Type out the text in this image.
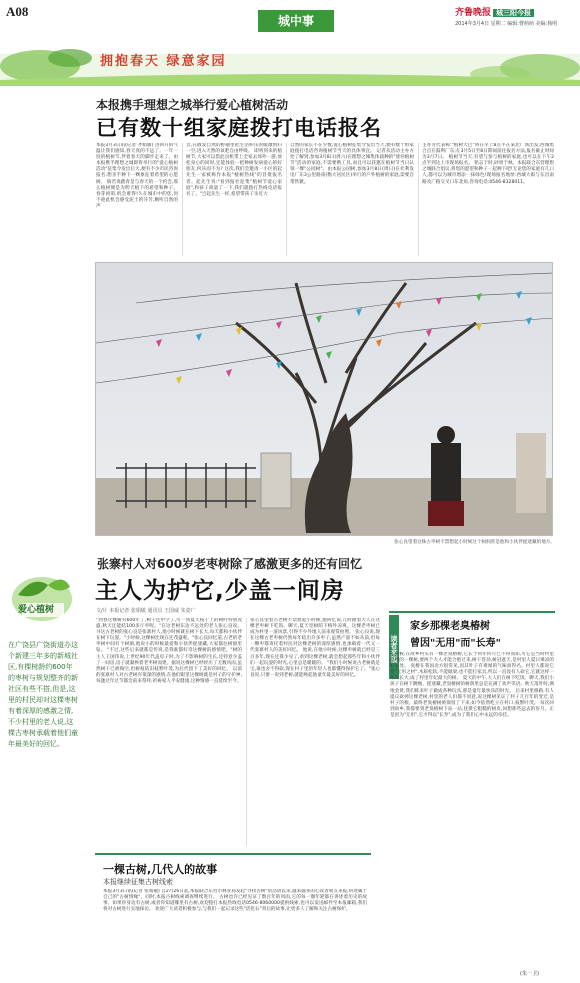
A08
城中事
齐鲁晚报 城三阳今报
2014年3月4日 星期二 编辑:曹萌萌 美编:杨明
拥抱春天 绿意家园
本报携手理想之城举行爱心植树活动
已有数十组家庭拨打电话报名
本报3月3日讯(记者 齐娟敏) 进回升的气温让我们感知,春天真的不远了。一年一度的植树节,伴着春天的脚步走来了。由本报携手理想之城即将举行的"爱心植树活动"征集令发出后天,便有不少市民咨询报名,想亲手种下一颗象征着希望的心愿树。 倘若说踏青是与春天的一个约会,那么植树便是为明天植下的希望和种子。春芽初萌,机会难得!久在城市中的您,何不趁此机会感受泥土的芬芳,顺听自然的声
音,在散发自然的野趣里把生活积压的暖激情归一空,进入天然的氧吧自由呼吸。 即将到来的植树节,大家可以借此良机带上全家去郊外一游,放松身心的同时,还能体验一把种树发病爱心的好朋友,何乐而不为? 这次,我们会邀请一小区的起先生一家被称作本报"植树热线"的首批报名者。起先生说:"看到报社征集"植树节爱心家庭",和孩子商量了一下,我们就拨打热线电话报名了。"岂起先生一样,希望带孩子亲近大
自然的家长不在少数,爱心植树征集令发出当天,便有数十组家庭拨打电话咨询植树节当天的具体事宜。 记者从活动主办方处了解到,参加3月8日(周六)在理想之城集体栽种的"迷你植树节"活动的家庭,不需要携工具,而且可以获邀在植树节当日认领一棵"公园树"。由本报公园树,参加3月8日(周日)在社利发电厂东3公里路南(衡大居民区)举行的户外植树的家庭,需要自带铁锨。
主办方代表称:"植树大巴"将在早上8点半在某北广场出发,西城集合点在鼓利厂东;在3月5日至8日期间前往报名方法,报名截止时间为3月7日。 植树节当天,有望与参与植树的家庭,也可以在下午2点半到达上市现场报名。 铭志于时,砂周于林。本报联合东营理想之城联合倡议,将您的愿望和种子一起种下吧!无论您的家庭有几口人,都可以为城市增添一抹绿色!现场报名地址:西城大街与东昌南路及广路交叉口东北角,咨询电话:0546-8328011。
张心良望着这株古枣树不禁想起小时候这个树洞曾是他和小伙伴捉迷藏的地方。
爱心植树
在广饶县广饶街道办这个新建三年多的新城社区,有棵树龄约600年的枣树与规划整齐的新社区有些不搭,但是,这里的村民却对这棵枣树有着深厚的感激之情,不少村里的老人说,这棵古枣树承载着他们童年最美好的回忆。
张寨村人对600岁老枣树除了感激更多的还有回忆
主人为护它,少盖一间房
文/片 本报记者 张娟敏 通讯员 王国威 朱姿广
"到春这棵树有600年了,树干还中空了,可一到夏天枝干上的树叶特别茂盛,秋天还能结100多斤枣呢。"在这老树东边不远处的老人张心良说。 寻这古老树的张心良是张寨村人,他小时候就在树下长大,每天都和小伙伴在树下玩耍。"小时候,这棵树比现在还茂盛呢。"张心良回忆道,古老的老枣树中间有个树洞,他说小的时候最爱和小伙伴捉迷藏,大家都往树洞里钻。 "不过,这些后来就都是传说,是我谁都好奇这棵树的感情吧。"树的主人王国伟说,上世纪90年代盖房子时,为了不影响树的生长,还特意少盖了一间房,房子就紧挨着老枣树而建。据说这棵树已经经历了无数风雨,虽然树干已被掏空,但树枝依旧枝繁叶茂,为后代留下了美好的回忆。 以前的张寨村人对古老树有很深的感情,在他们眼里这棵树就是村子的守护神,每逢过年过节都会前来祭拜,祈祷家人平安健康,这种情感一直延续至今。
张心良望着古老树不禁想起小时候,他回忆说,儿时跟着大人在这棵老枣树下吃饭、聊天,夏天里树荫下格外凉爽。这棵老枣树已成为村里一道风景,引得不少外地人前来观赏拍照。 张心良说,现在这棵古老枣树仍然每年结出许多枣子,虽然产量不如从前,但每一颗枣都寄托着村民对这棵老树的深厚感情,也承载着一代又一代张寨村人的美好回忆。 他说,在他小时候,这棵枣树就已经是三百多年,现在还算少见了,看到这棵老树,就会想起那些年和小伙伴们一起玩耍的时光,心里总是暖暖的。 "我们小时候说古老树就是宝,谁也舍不得砍,现在村子里的年轻人也都懂得保护它了。"张心良说,只要一说到老树,就能唤起他童年最美好的回忆。
读者来稿
家乡那棵老臭椿树
曾因"无用"而"长寿"
小时候,在故乡村头有一棵老臭椿树,它长于何年何月已不得而知,可它是当时村里最粗的一棵树,要两个大人才能合抱过来,树干苍劲,树冠遮天,是村里人夏日乘凉的好去处。 臭椿在我国北方很常见,因其叶子有难闻的气味而得名。村里人都说它是"无用之材",木质松软,不能做梁,也不能打家具,所以一直没有人砍它,它就这样一年年长大,成了村里年纪最大的树。 夏天的中午,大人们在树下吃饭、聊天,我们小孩子在树下跳绳、捉迷藏,老臭椿树的树荫里总是充满了欢声笑语。秋天落叶时,满地金黄,我们拣来叶子做成各种玩具,那是童年最快乐的时光。 后来村里修路,有人提议砍掉这棵老树,村里的老人们都不同意,说这棵树见证了村子几百年的变迁,是村子的根。最终老臭椿树被保留了下来,如今依然屹立在村口,枝繁叶茂。 每次回到故乡,我都要到老臭椿树下站一站,抚摸它粗糙的树皮,回想那些远去的岁月。正是因为"无用",它才得以"长寿",成为了我们心中永远的牵挂。
(朱一卫)
一棵古树,几代人的故事
本报继续征集古树线索
本报3月3日讯(记者 张娟敏) 自2月26日起,本报联合东营市林业局发起"寻找古树"的活动以来,越来越多的心读者朋友来报,讲述属于自己的"古树情缘"。同时,本报古树线索调查继续进行。 古树也许已经见证了数百年的风雨,它的每一圈年轮都在讲述着历史的故事。如果你身边有古树,或者你知道哪里有古树,欢迎拨打本报热线电话0546-8060000提供线索,也可以发送邮件至本报邮箱,我们将对古树进行实地探访。 欢迎广大读者积极参与,与我们一起记录这些"活化石"背后的故事,让更多人了解和关注古树保护。
